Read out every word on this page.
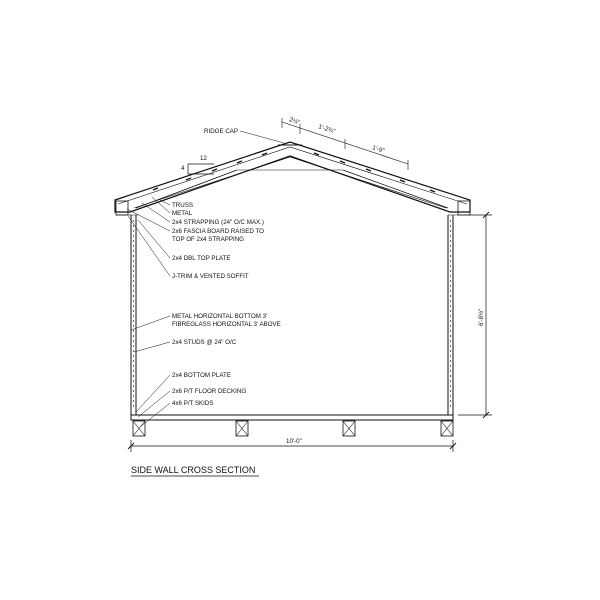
4
12
2½"
1'-2¾"
1'-9"
10'-0"
6'-8½"
RIDGE CAP
TRUSS
METAL
2x4 STRAPPING (24" O/C MAX.)
2x6 FASCIA BOARD RAISED TO
TOP OF 2x4 STRAPPING
2x4 DBL TOP PLATE
J-TRIM & VENTED SOFFIT
METAL HORIZONTAL BOTTOM 3'
FIBREGLASS HORIZONTAL 3' ABOVE
2x4 STUDS @ 24" O/C
2x4 BOTTOM PLATE
2x6 P/T FLOOR DECKING
4x6 P/T SKIDS
SIDE WALL CROSS SECTION
